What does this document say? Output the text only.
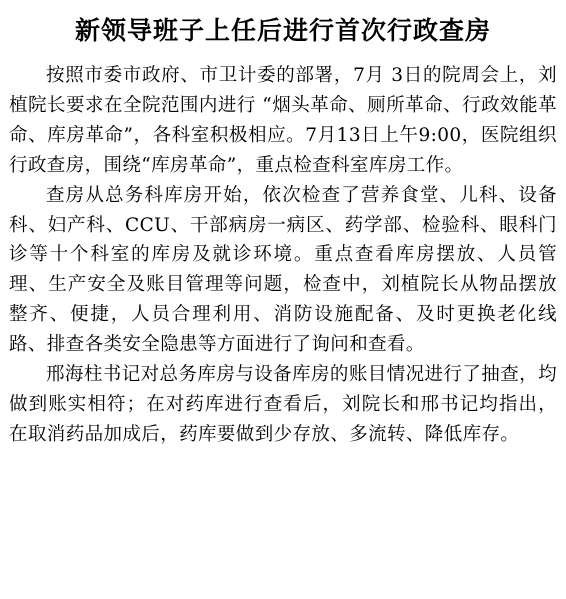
新领导班子上任后进行首次行政查房

按照市委市政府、市卫计委的部署，7月 3日的院周会上，刘植院长要求在全院范围内进行 “烟头革命、厕所革命、行政效能革命、库房革命”，各科室积极相应。7月13日上午9:00，医院组织行政查房，围绕“库房革命”，重点检查科室库房工作。

查房从总务科库房开始，依次检查了营养食堂、儿科、设备科、妇产科、CCU、干部病房一病区、药学部、检验科、眼科门诊等十个科室的库房及就诊环境。重点查看库房摆放、人员管理、生产安全及账目管理等问题，检查中，刘植院长从物品摆放整齐、便捷，人员合理利用、消防设施配备、及时更换老化线路、排查各类安全隐患等方面进行了询问和查看。

邢海柱书记对总务库房与设备库房的账目情况进行了抽查，均做到账实相符；在对药库进行查看后，刘院长和邢书记均指出，在取消药品加成后，药库要做到少存放、多流转、降低库存。
